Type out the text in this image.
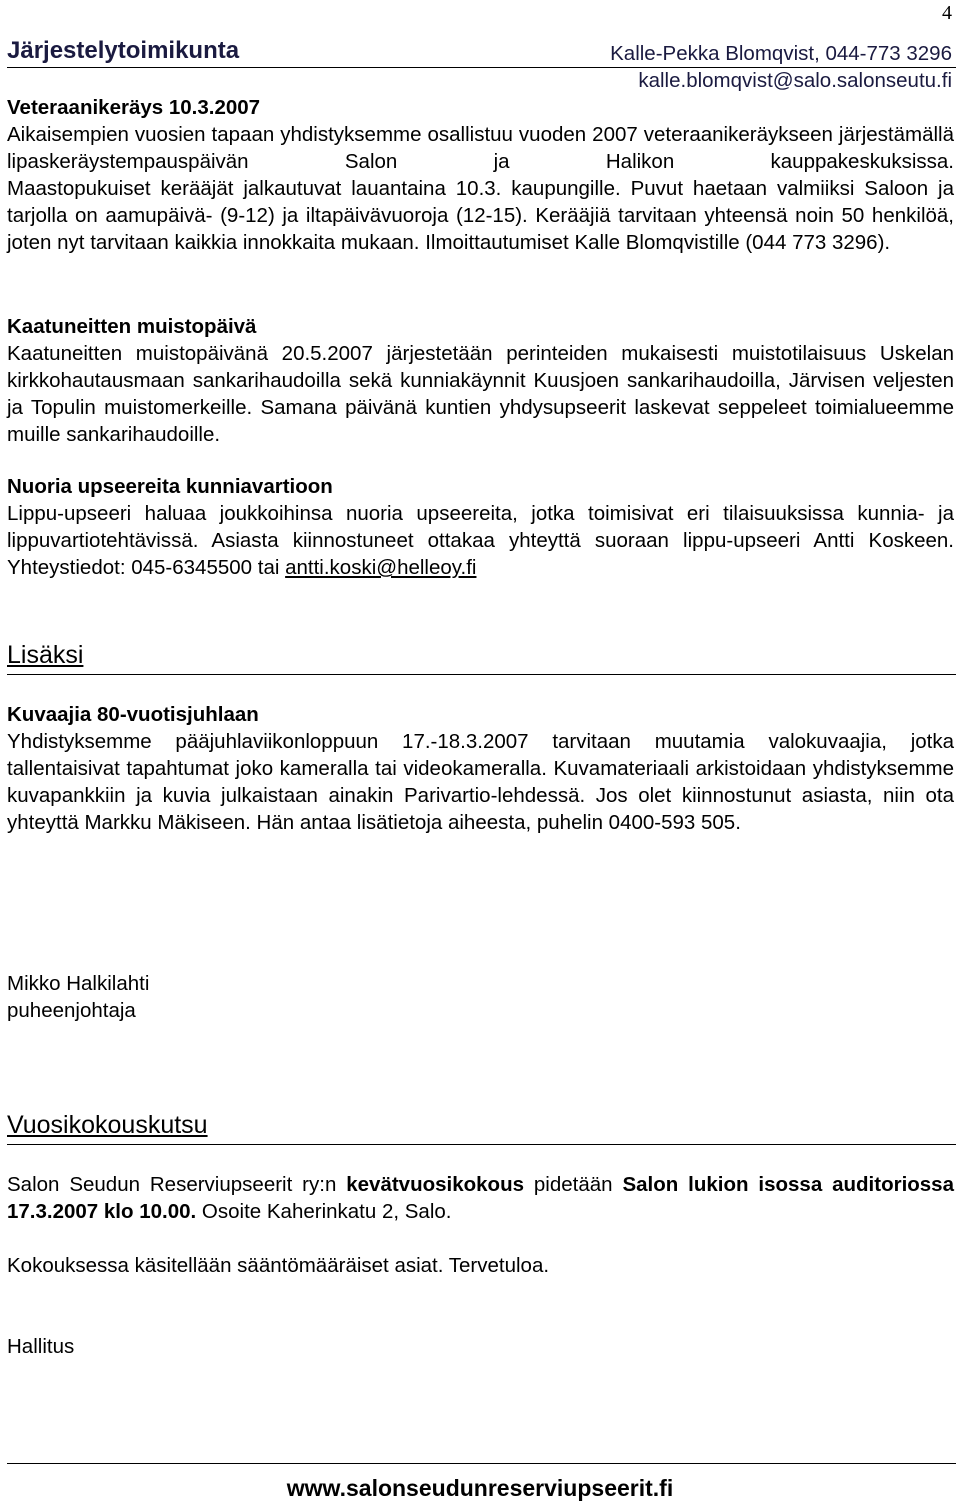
4
Järjestelytoimikunta	Kalle-Pekka Blomqvist, 044-773 3296
kalle.blomqvist@salo.salonseutu.fi

Veteraanikeräys 10.3.2007

Aikaisempien vuosien tapaan yhdistyksemme osallistuu vuoden 2007 veteraanikeräykseen järjestämällä lipaskeräystempauspäivän Salon ja Halikon kauppakeskuksissa.

Maastopukuiset kerääjät jalkautuvat lauantaina 10.3. kaupungille. Puvut haetaan valmiiksi Saloon ja tarjolla on aamupäivä- (9-12) ja iltapäivävuoroja (12-15). Kerääjiä tarvitaan yhteensä noin 50 henkilöä, joten nyt tarvitaan kaikkia innokkaita mukaan. Ilmoittautumiset Kalle Blomqvistille (044 773 3296).

Kaatuneitten muistopäivä

Kaatuneitten muistopäivänä 20.5.2007 järjestetään perinteiden mukaisesti muistotilaisuus Uskelan kirkkohautausmaan sankarihaudoilla sekä kunniakäynnit Kuusjoen sankarihaudoilla, Järvisen veljesten ja Topulin muistomerkeille. Samana päivänä kuntien yhdysupseerit laskevat seppeleet toimialueemme muille sankarihaudoille.

Nuoria upseereita kunniavartioon

Lippu-upseeri haluaa joukkoihinsa nuoria upseereita, jotka toimisivat eri tilaisuuksissa kunnia- ja lippuvartiotehtävissä. Asiasta kiinnostuneet ottakaa yhteyttä suoraan lippu-upseeri Antti Koskeen. Yhteystiedot: 045-6345500 tai antti.koski@helleoy.fi

Lisäksi

Kuvaajia 80-vuotisjuhlaan

Yhdistyksemme pääjuhlaviikonloppuun 17.-18.3.2007 tarvitaan muutamia valokuvaajia, jotka tallentaisivat tapahtumat joko kameralla tai videokameralla. Kuvamateriaali arkistoidaan yhdistyksemme kuvapankkiin ja kuvia julkaistaan ainakin Parivartio-lehdessä. Jos olet kiinnostunut asiasta, niin ota yhteyttä Markku Mäkiseen. Hän antaa lisätietoja aiheesta, puhelin 0400-593 505.

Mikko Halkilahti

puheenjohtaja

Vuosikokouskutsu

Salon Seudun Reserviupseerit ry:n kevätvuosikokous pidetään Salon lukion isossa auditoriossa 17.3.2007 klo 10.00. Osoite Kaherinkatu 2, Salo.

Kokouksessa käsitellään sääntömääräiset asiat. Tervetuloa.
Hallitus
www.salonseudunreserviupseerit.fi
